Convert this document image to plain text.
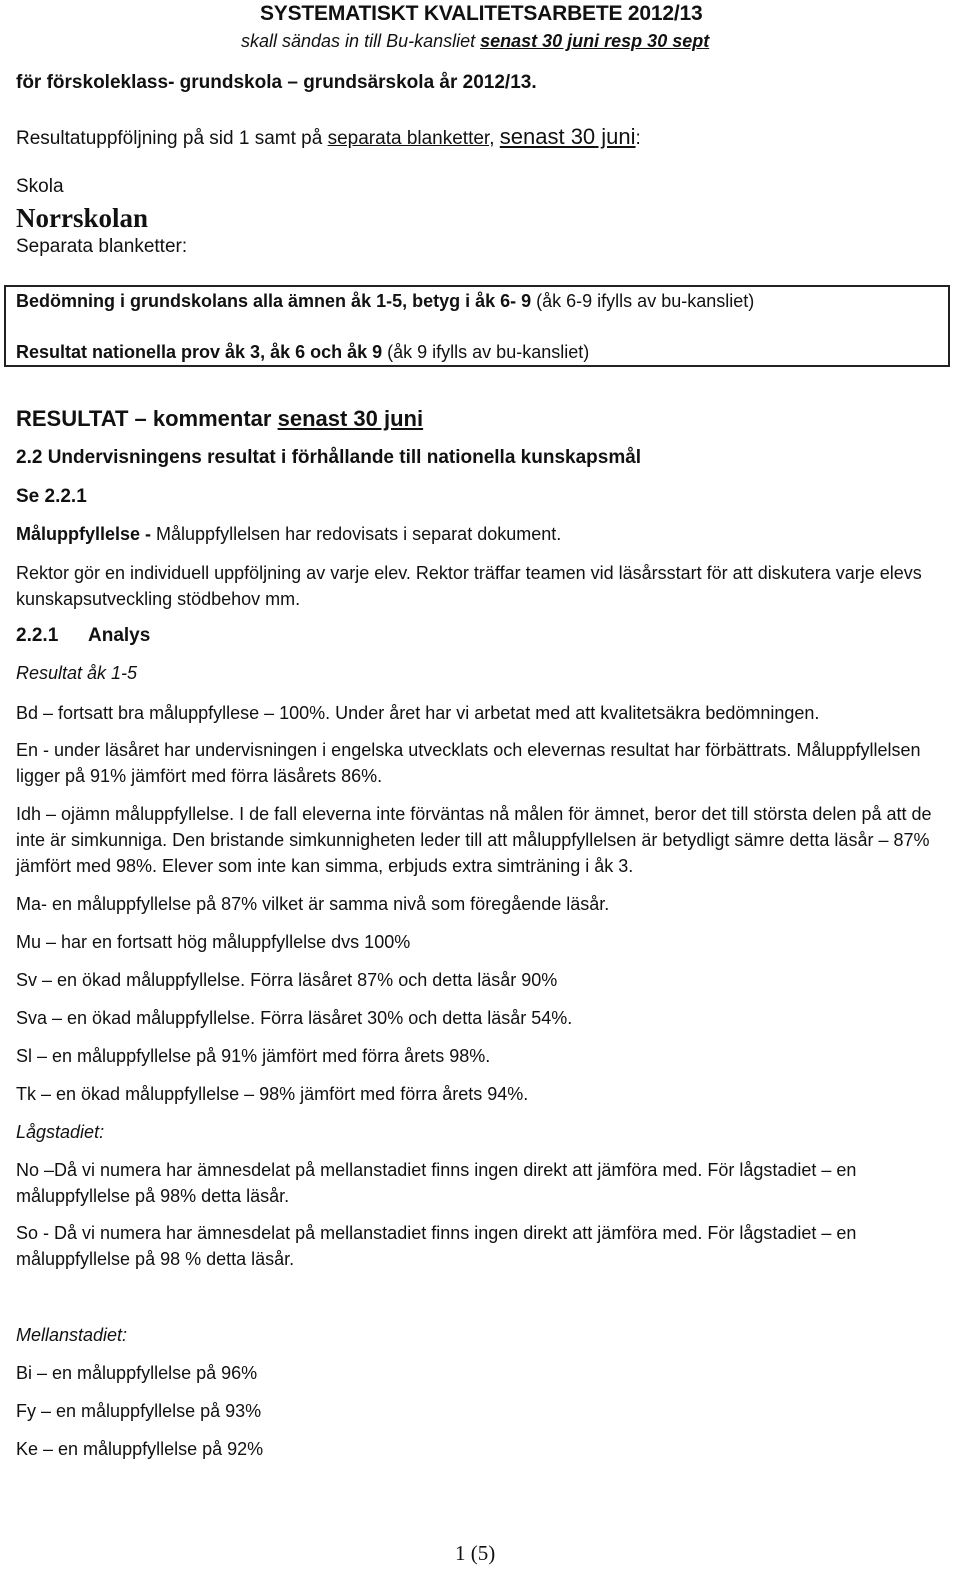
SYSTEMATISKT KVALITETSARBETE 2012/13
skall sändas in till Bu-kansliet senast 30 juni resp 30 sept
för förskoleklass- grundskola – grundsärskola år 2012/13.
Resultatuppföljning på sid 1 samt på separata blanketter, senast 30 juni:
Skola
Norrskolan
Separata blanketter:
Bedömning i grundskolans alla ämnen åk 1-5, betyg i åk 6- 9 (åk 6-9 ifylls av bu-kansliet)
Resultat nationella prov åk 3, åk 6 och åk 9 (åk 9 ifylls av bu-kansliet)
RESULTAT – kommentar senast 30 juni
2.2 Undervisningens resultat i förhållande till nationella kunskapsmål
Se 2.2.1
Måluppfyllelse - Måluppfyllelsen har redovisats i separat dokument.
Rektor gör en individuell uppföljning av varje elev. Rektor träffar teamen vid läsårsstart för att diskutera varje elevs kunskapsutveckling stödbehov mm.
2.2.1 Analys
Resultat åk 1-5
Bd – fortsatt bra måluppfyllese – 100%. Under året har vi arbetat med att kvalitetsäkra bedömningen.
En - under läsåret har undervisningen i engelska utvecklats och elevernas resultat har förbättrats. Måluppfyllelsen ligger på 91% jämfört med förra läsårets 86%.
Idh – ojämn måluppfyllelse. I de fall eleverna inte förväntas nå målen för ämnet, beror det till största delen på att de inte är simkunniga. Den bristande simkunnigheten leder till att måluppfyllelsen är betydligt sämre detta läsår – 87% jämfört med 98%. Elever som inte kan simma, erbjuds extra simträning i åk 3.
Ma- en måluppfyllelse på 87% vilket är samma nivå som föregående läsår.
Mu – har en fortsatt hög måluppfyllelse dvs 100%
Sv – en ökad måluppfyllelse. Förra läsåret 87% och detta läsår 90%
Sva – en ökad måluppfyllelse. Förra läsåret 30% och detta läsår 54%.
Sl – en måluppfyllelse på 91% jämfört med förra årets 98%.
Tk – en ökad måluppfyllelse – 98% jämfört med förra årets 94%.
Lågstadiet:
No –Då vi numera har ämnesdelat på mellanstadiet finns ingen direkt att jämföra med. För lågstadiet – en måluppfyllelse på 98% detta läsår.
So - Då vi numera har ämnesdelat på mellanstadiet finns ingen direkt att jämföra med. För lågstadiet – en måluppfyllelse på 98 % detta läsår.
Mellanstadiet:
Bi – en måluppfyllelse på 96%
Fy – en måluppfyllelse på 93%
Ke – en måluppfyllelse på 92%
1 (5)
